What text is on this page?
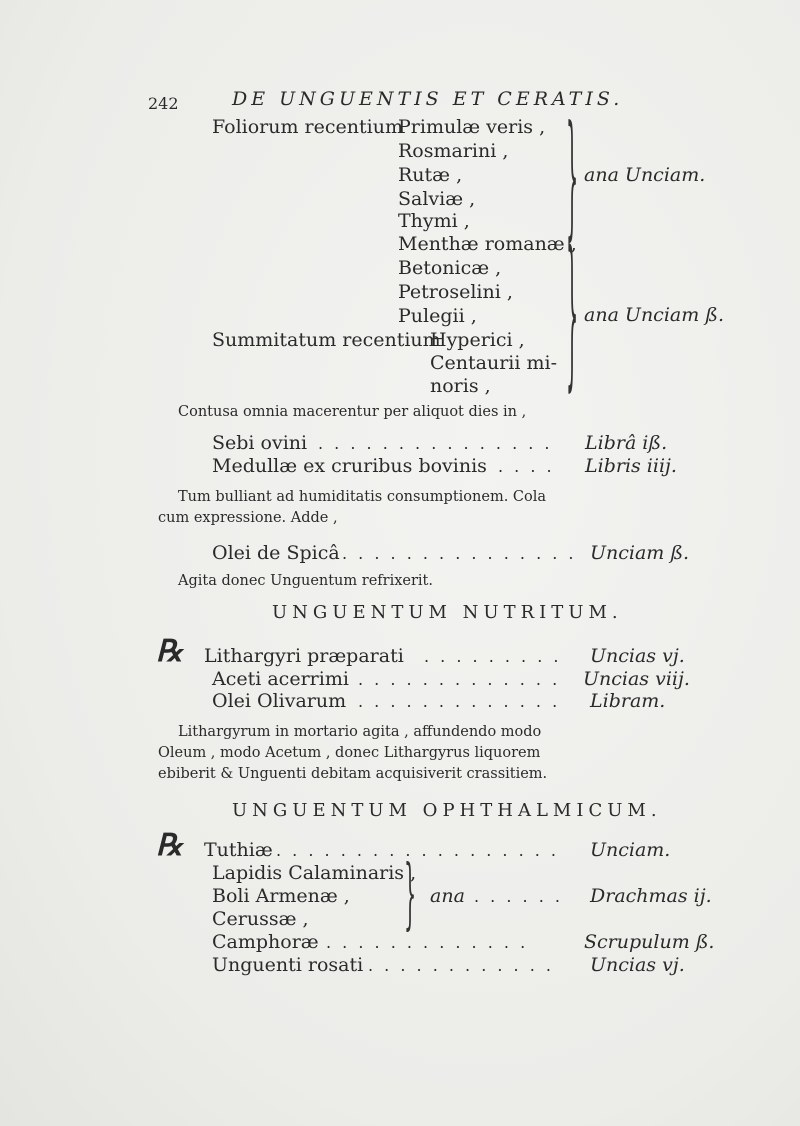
242	DE UNGUENTIS ET CERATIS.
Foliorum recentium
Primulæ veris ,
Rosmarini ,
Rutæ ,
Salviæ ,
Thymi , } ana Unciam.
Menthæ romanæ ,
Betonicæ ,
Petroselini ,
Pulegii ,
Summitatum recentium
Hyperici ,
Centaurii mi-
noris , } ana Unciam ß.
Contusa omnia macerentur per aliquot dies in ,
Sebi ovini . . . . . . . . . . . . . . . Librâ iß.
Medullæ ex cruribus bovinis . . . . Libris iiij.
Tum bulliant ad humiditatis consumptionem. Cola
cum expressione. Adde ,
Olei de Spicâ . . . . . . . . . . . . . . . Unciam ß.
Agita donec Unguentum refrixerit.
UNGUENTUM NUTRITUM.
℞ Lithargyri præparati . . . . . . . . . Uncias vj.
Aceti acerrimi . . . . . . . . . . . . . Uncias viij.
Olei Olivarum . . . . . . . . . . . . . Libram.
Lithargyrum in mortario agita , affundendo modo
Oleum , modo Acetum , donec Lithargyrus liquorem
ebiberit & Unguenti debitam acquisiverit crassitiem.
UNGUENTUM OPHTHALMICUM.
℞ Tuthiæ . . . . . . . . . . . . . . . . . . Unciam.
Lapidis Calaminaris ,
Boli Armenæ ,
Cerussæ , } ana . . . . . . Drachmas ij.
Camphoræ . . . . . . . . . . . . .	Scrupulum ß.
Unguenti rosati . . . . . . . . . . . . Uncias vj.
